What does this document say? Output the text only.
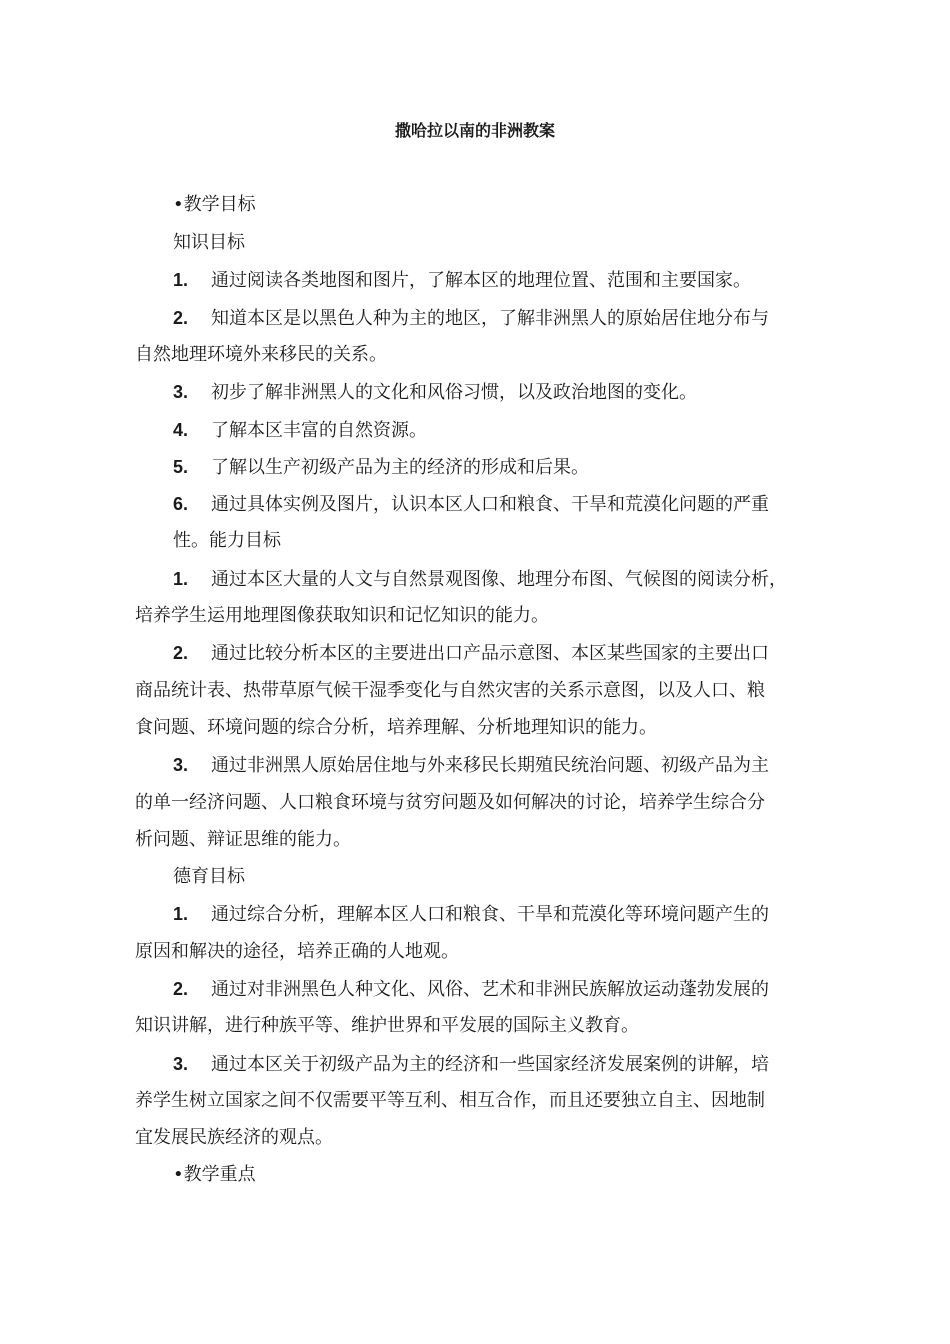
撒哈拉以南的非洲教案
•教学目标
知识目标
1. 通过阅读各类地图和图片，了解本区的地理位置、范围和主要国家。
2. 知道本区是以黑色人种为主的地区，了解非洲黑人的原始居住地分布与
自然地理环境外来移民的关系。
3. 初步了解非洲黑人的文化和风俗习惯，以及政治地图的变化。
4. 了解本区丰富的自然资源。
5. 了解以生产初级产品为主的经济的形成和后果。
6. 通过具体实例及图片，认识本区人口和粮食、干旱和荒漠化问题的严重
性。能力目标
1. 通过本区大量的人文与自然景观图像、地理分布图、气候图的阅读分析，
培养学生运用地理图像获取知识和记忆知识的能力。
2. 通过比较分析本区的主要进出口产品示意图、本区某些国家的主要出口
商品统计表、热带草原气候干湿季变化与自然灾害的关系示意图，以及人口、粮
食问题、环境问题的综合分析，培养理解、分析地理知识的能力。
3. 通过非洲黑人原始居住地与外来移民长期殖民统治问题、初级产品为主
的单一经济问题、人口粮食环境与贫穷问题及如何解决的讨论，培养学生综合分
析问题、辩证思维的能力。
德育目标
1. 通过综合分析，理解本区人口和粮食、干旱和荒漠化等环境问题产生的
原因和解决的途径，培养正确的人地观。
2. 通过对非洲黑色人种文化、风俗、艺术和非洲民族解放运动蓬勃发展的
知识讲解，进行种族平等、维护世界和平发展的国际主义教育。
3. 通过本区关于初级产品为主的经济和一些国家经济发展案例的讲解，培
养学生树立国家之间不仅需要平等互利、相互合作，而且还要独立自主、因地制
宜发展民族经济的观点。
•教学重点
